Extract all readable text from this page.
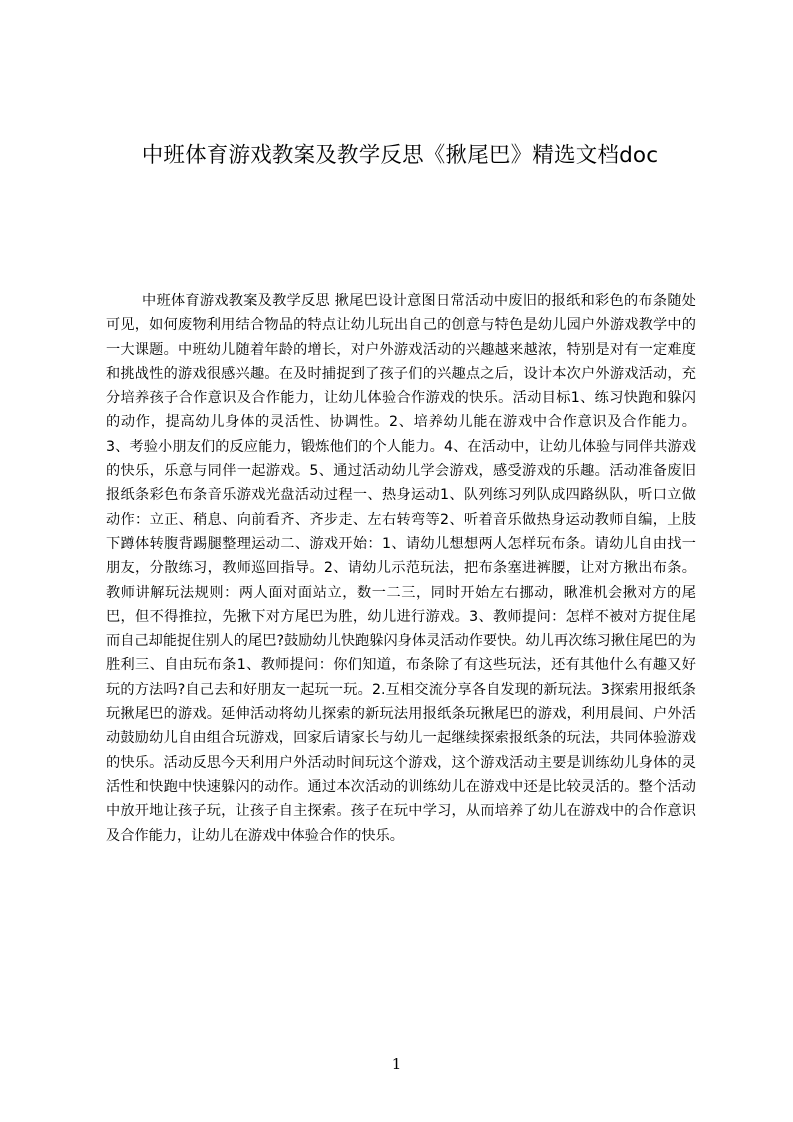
中班体育游戏教案及教学反思《揪尾巴》精选文档doc

中班体育游戏教案及教学反思 揪尾巴设计意图日常活动中废旧的报纸和彩色的布条随处可见，如何废物利用结合物品的特点让幼儿玩出自己的创意与特色是幼儿园户外游戏教学中的一大课题。中班幼儿随着年龄的增长，对户外游戏活动的兴趣越来越浓，特别是对有一定难度和挑战性的游戏很感兴趣。在及时捕捉到了孩子们的兴趣点之后，设计本次户外游戏活动，充分培养孩子合作意识及合作能力，让幼儿体验合作游戏的快乐。活动目标1、练习快跑和躲闪的动作，提高幼儿身体的灵活性、协调性。2、培养幼儿能在游戏中合作意识及合作能力。 3、考验小朋友们的反应能力，锻炼他们的个人能力。4、在活动中，让幼儿体验与同伴共游戏的快乐，乐意与同伴一起游戏。5、通过活动幼儿学会游戏，感受游戏的乐趣。活动准备废旧报纸条彩色布条音乐游戏光盘活动过程一、热身运动1、队列练习列队成四路纵队，听口立做动作：立正、稍息、向前看齐、齐步走、左右转弯等2、听着音乐做热身运动教师自编，上肢下蹲体转腹背踢腿整理运动二、游戏开始：1、请幼儿想想两人怎样玩布条。请幼儿自由找一朋友，分散练习，教师巡回指导。2、请幼儿示范玩法，把布条塞进裤腰，让对方揪出布条。教师讲解玩法规则：两人面对面站立，数一二三，同时开始左右挪动，瞅准机会揪对方的尾巴，但不得推拉，先揪下对方尾巴为胜，幼儿进行游戏。3、教师提问：怎样不被对方捉住尾而自己却能捉住别人的尾巴?鼓励幼儿快跑躲闪身体灵活动作要快。幼儿再次练习揪住尾巴的为胜利三、自由玩布条1、教师提问：你们知道，布条除了有这些玩法，还有其他什么有趣又好玩的方法吗?自己去和好朋友一起玩一玩。2.互相交流分享各自发现的新玩法。3探索用报纸条玩揪尾巴的游戏。延伸活动将幼儿探索的新玩法用报纸条玩揪尾巴的游戏，利用晨间、户外活动鼓励幼儿自由组合玩游戏，回家后请家长与幼儿一起继续探索报纸条的玩法，共同体验游戏的快乐。活动反思今天利用户外活动时间玩这个游戏，这个游戏活动主要是训练幼儿身体的灵活性和快跑中快速躲闪的动作。通过本次活动的训练幼儿在游戏中还是比较灵活的。整个活动中放开地让孩子玩，让孩子自主探索。孩子在玩中学习，从而培养了幼儿在游戏中的合作意识及合作能力，让幼儿在游戏中体验合作的快乐。

1
